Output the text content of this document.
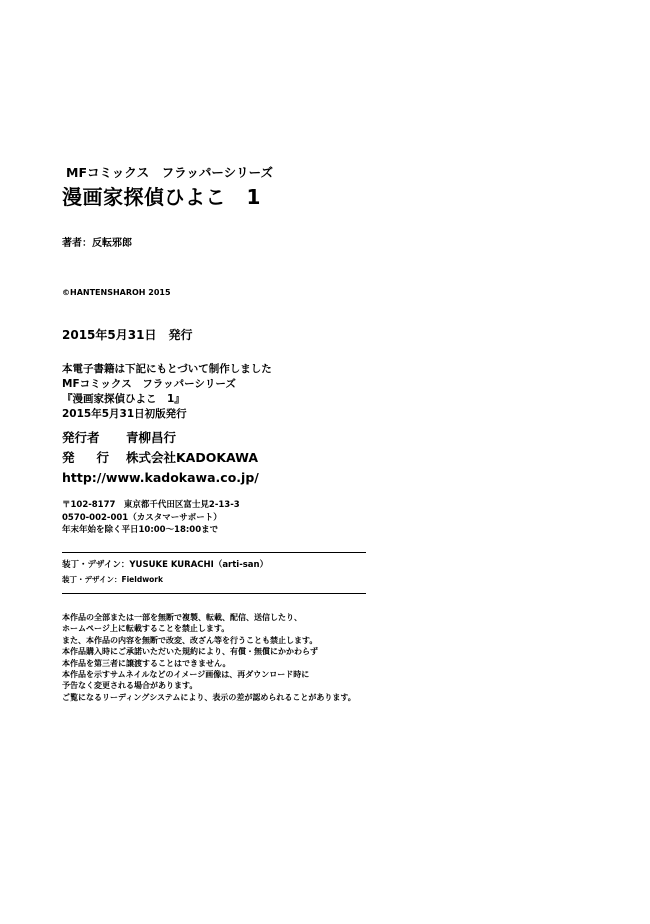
MFコミックス　フラッパーシリーズ
漫画家探偵ひよこ　1
著者：反転邪郎
©HANTENSHAROH 2015
2015年5月31日　発行
本電子書籍は下記にもとづいて制作しました
MFコミックス　フラッパーシリーズ
『漫画家探偵ひよこ　1』
2015年5月31日初版発行
発行者	青柳昌行
発行
株式会社KADOKAWA
http://www.kadokawa.co.jp/
〒102-8177　東京都千代田区富士見2-13-3
0570-002-001（カスタマーサポート）
年末年始を除く平日10:00～18:00まで
装丁・デザイン：YUSUKE KURACHI（arti-san）
装丁・デザイン：Fieldwork
本作品の全部または一部を無断で複製、転載、配信、送信したり、
ホームページ上に転載することを禁止します。
また、本作品の内容を無断で改変、改ざん等を行うことも禁止します。
本作品購入時にご承諾いただいた規約により、有償・無償にかかわらず
本作品を第三者に譲渡することはできません。
本作品を示すサムネイルなどのイメージ画像は、再ダウンロード時に
予告なく変更される場合があります。
ご覧になるリーディングシステムにより、表示の差が認められることがあります。
